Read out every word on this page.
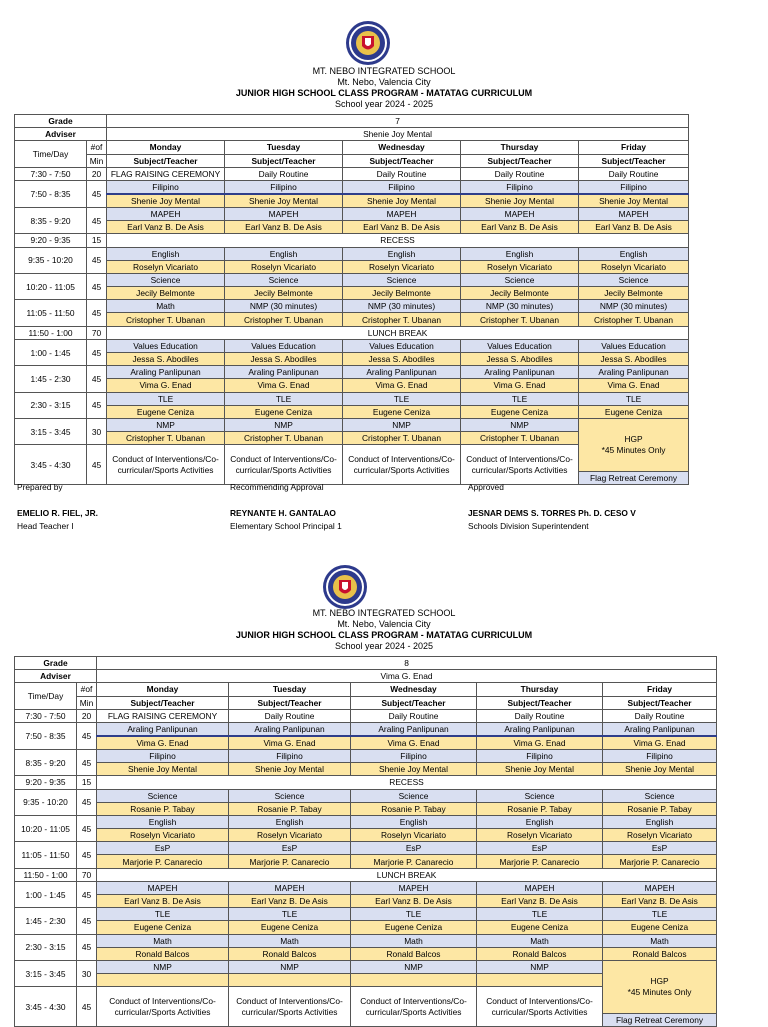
MT. NEBO INTEGRATED SCHOOL
Mt. Nebo, Valencia City
JUNIOR HIGH SCHOOL CLASS PROGRAM - MATATAG CURRICULUM
School year 2024 - 2025
Grade		7				
Adviser		Shenie Joy Mental				
Time/Day	#of	Monday	Tuesday	Wednesday	Thursday	Friday
	Min	Subject/Teacher	Subject/Teacher	Subject/Teacher	Subject/Teacher	Subject/Teacher
7:30 - 7:50	20	FLAG RAISING CEREMONY	Daily Routine	Daily Routine	Daily Routine	Daily Routine
7:50 - 8:35	45	Filipino	Filipino	Filipino	Filipino	Filipino
		Shenie Joy Mental	Shenie Joy Mental	Shenie Joy Mental	Shenie Joy Mental	Shenie Joy Mental
8:35 - 9:20	45	MAPEH	MAPEH	MAPEH	MAPEH	MAPEH
		Earl Vanz B. De Asis	Earl Vanz B. De Asis	Earl Vanz B. De Asis	Earl Vanz B. De Asis	Earl Vanz B. De Asis
9:20 - 9:35	15	RECESS				
9:35 - 10:20	45	English	English	English	English	English
		Roselyn Vicariato	Roselyn Vicariato	Roselyn Vicariato	Roselyn Vicariato	Roselyn Vicariato
10:20 - 11:05	45	Science	Science	Science	Science	Science
		Jecily Belmonte	Jecily Belmonte	Jecily Belmonte	Jecily Belmonte	Jecily Belmonte
11:05 - 11:50	45	Math	NMP (30 minutes)	NMP (30 minutes)	NMP (30 minutes)	NMP (30 minutes)
		Cristopher T. Ubanan	Cristopher T. Ubanan	Cristopher T. Ubanan	Cristopher T. Ubanan	Cristopher T. Ubanan
11:50 - 1:00	70	LUNCH BREAK				
1:00 - 1:45	45	Values Education	Values Education	Values Education	Values Education	Values Education
		Jessa S. Abodiles	Jessa S. Abodiles	Jessa S. Abodiles	Jessa S. Abodiles	Jessa S. Abodiles
1:45 - 2:30	45	Araling Panlipunan	Araling Panlipunan	Araling Panlipunan	Araling Panlipunan	Araling Panlipunan
		Vima G. Enad	Vima G. Enad	Vima G. Enad	Vima G. Enad	Vima G. Enad
2:30 - 3:15	45	TLE	TLE	TLE	TLE	TLE
		Eugene Ceniza	Eugene Ceniza	Eugene Ceniza	Eugene Ceniza	Eugene Ceniza
3:15 - 3:45	30	NMP	NMP	NMP	NMP	HGP
*45 Minutes Only

		Cristopher T. Ubanan	Cristopher T. Ubanan	Cristopher T. Ubanan	Cristopher T. Ubanan	
3:45 - 4:30	45	Conduct of Interventions/Co-curricular/Sports Activities	Conduct of Interventions/Co-curricular/Sports Activities	Conduct of Interventions/Co-curricular/Sports Activities	Conduct of Interventions/Co-curricular/Sports Activities	
						Flag Retreat Ceremony
Prepared by	Recommending Approval	Approved
EMELIO R. FIEL, JR.
Head Teacher I
REYNANTE H. GANTALAO
Elementary School Principal 1
JESNAR DEMS S. TORRES Ph. D. CESO V
Schools Division Superintendent
MT. NEBO INTEGRATED SCHOOL
Mt. Nebo, Valencia City
JUNIOR HIGH SCHOOL CLASS PROGRAM - MATATAG CURRICULUM
School year 2024 - 2025
Grade		8				
Adviser		Vima G. Enad				
Time/Day	#of	Monday	Tuesday	Wednesday	Thursday	Friday
	Min	Subject/Teacher	Subject/Teacher	Subject/Teacher	Subject/Teacher	Subject/Teacher
7:30 - 7:50	20	FLAG RAISING CEREMONY	Daily Routine	Daily Routine	Daily Routine	Daily Routine
7:50 - 8:35	45	Araling Panlipunan	Araling Panlipunan	Araling Panlipunan	Araling Panlipunan	Araling Panlipunan
		Vima G. Enad	Vima G. Enad	Vima G. Enad	Vima G. Enad	Vima G. Enad
8:35 - 9:20	45	Filipino	Filipino	Filipino	Filipino	Filipino
		Shenie Joy Mental	Shenie Joy Mental	Shenie Joy Mental	Shenie Joy Mental	Shenie Joy Mental
9:20 - 9:35	15	RECESS				
9:35 - 10:20	45	Science	Science	Science	Science	Science
		Rosanie P. Tabay	Rosanie P. Tabay	Rosanie P. Tabay	Rosanie P. Tabay	Rosanie P. Tabay
10:20 - 11:05	45	English	English	English	English	English
		Roselyn Vicariato	Roselyn Vicariato	Roselyn Vicariato	Roselyn Vicariato	Roselyn Vicariato
11:05 - 11:50	45	EsP	EsP	EsP	EsP	EsP
		Marjorie P. Canarecio	Marjorie P. Canarecio	Marjorie P. Canarecio	Marjorie P. Canarecio	Marjorie P. Canarecio
11:50 - 1:00	70	LUNCH BREAK				
1:00 - 1:45	45	MAPEH	MAPEH	MAPEH	MAPEH	MAPEH
		Earl Vanz B. De Asis	Earl Vanz B. De Asis	Earl Vanz B. De Asis	Earl Vanz B. De Asis	Earl Vanz B. De Asis
1:45 - 2:30	45	TLE	TLE	TLE	TLE	TLE
		Eugene Ceniza	Eugene Ceniza	Eugene Ceniza	Eugene Ceniza	Eugene Ceniza
2:30 - 3:15	45	Math	Math	Math	Math	Math
		Ronald Balcos	Ronald Balcos	Ronald Balcos	Ronald Balcos	Ronald Balcos
3:15 - 3:45	30	NMP	NMP	NMP	NMP	HGP
*45 Minutes Only

3:45 - 4:30	45	Conduct of Interventions/Co-curricular/Sports Activities	Conduct of Interventions/Co-curricular/Sports Activities	Conduct of Interventions/Co-curricular/Sports Activities	Conduct of Interventions/Co-curricular/Sports Activities	
						Flag Retreat Ceremony
